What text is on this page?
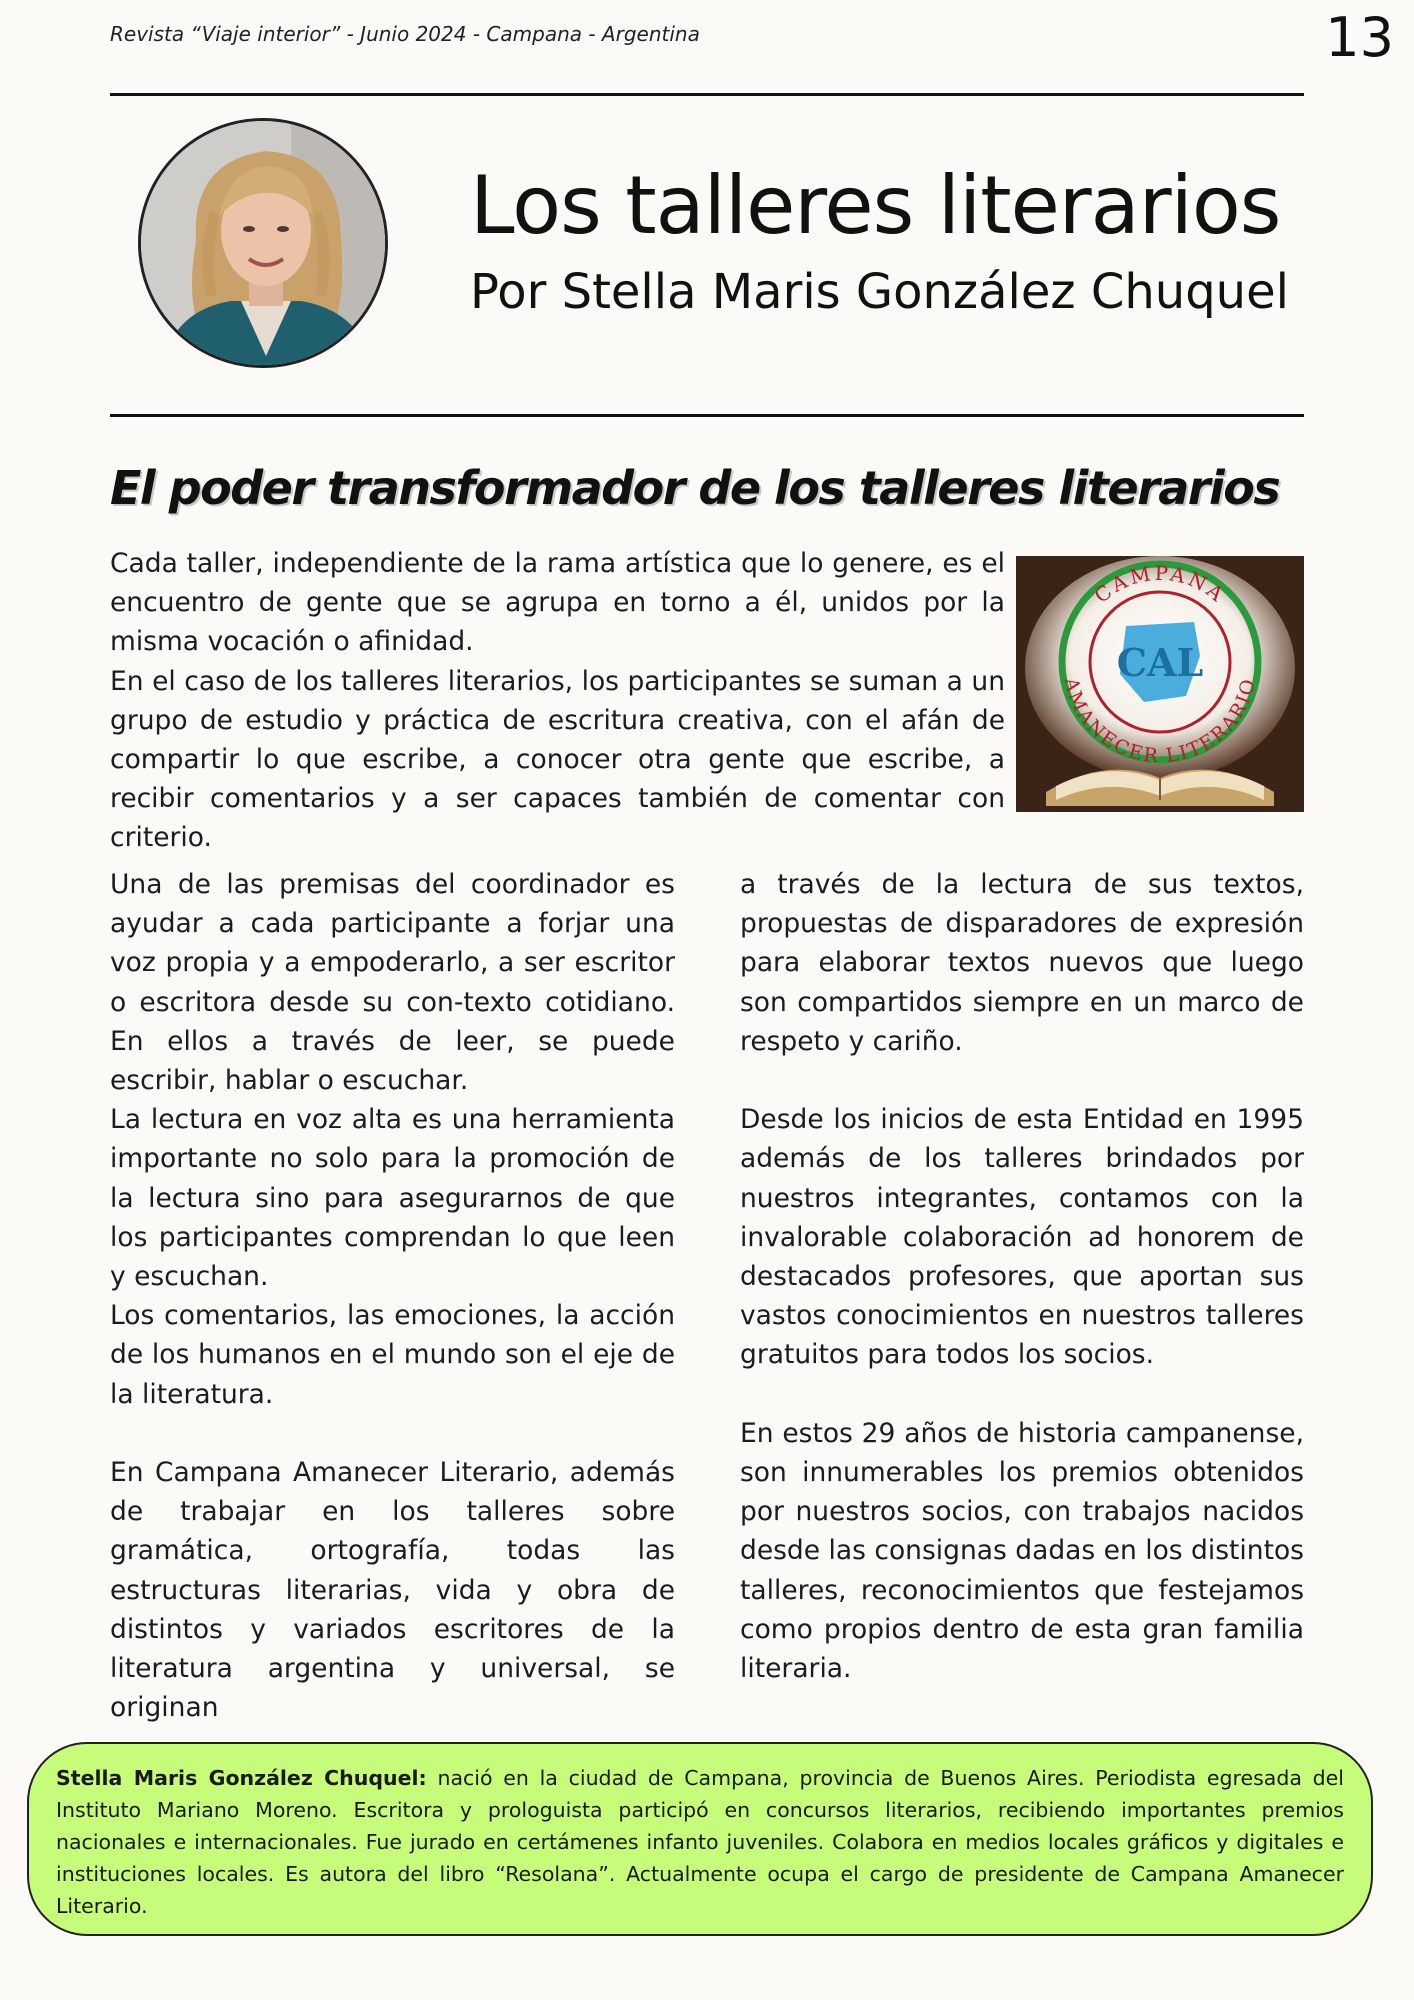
Revista “Viaje interior” - Junio 2024 - Campana - Argentina	13
Los talleres literarios

Por Stella Maris González Chuquel

El poder transformador de los talleres literarios

Cada taller, independiente de la rama artística que lo genere, es el encuentro de gente que se agrupa en torno a él, unidos por la misma vocación o afinidad.

En el caso de los talleres literarios, los participantes se suman a un grupo de estudio y práctica de escritura creativa, con el afán de compartir lo que escribe, a conocer otra gente que escribe, a recibir comentarios y a ser capaces también de comentar con criterio.

CAMPANA
AMANECER LITERARIO
CAL

Una de las premisas del coordinador es ayudar a cada participante a forjar una voz propia y a empoderarlo, a ser escritor o escritora desde su con-texto cotidiano. En ellos a través de leer, se puede escribir, hablar o escuchar.

La lectura en voz alta es una herramienta importante no solo para la promoción de la lectura sino para asegurarnos de que los participantes comprendan lo que leen y escuchan.

Los comentarios, las emociones, la acción de los humanos en el mundo son el eje de la literatura.

En Campana Amanecer Literario, además de trabajar en los talleres sobre gramática, ortografía, todas las estructuras literarias, vida y obra de distintos y variados escritores de la literatura argentina y universal, se originan

a través de la lectura de sus textos, propuestas de disparadores de expresión para elaborar textos nuevos que luego son compartidos siempre en un marco de respeto y cariño.

Desde los inicios de esta Entidad en 1995 además de los talleres brindados por nuestros integrantes, contamos con la invalorable colaboración ad honorem de destacados profesores, que aportan sus vastos conocimientos en nuestros talleres gratuitos para todos los socios.

En estos 29 años de historia campanense, son innumerables los premios obtenidos por nuestros socios, con trabajos nacidos desde las consignas dadas en los distintos talleres, reconocimientos que festejamos como propios dentro de esta gran familia literaria.

Stella Maris González Chuquel: nació en la ciudad de Campana, provincia de Buenos Aires. Periodista egresada del Instituto Mariano Moreno. Escritora y prologuista participó en concursos literarios, recibiendo importantes premios nacionales e internacionales. Fue jurado en certámenes infanto juveniles. Colabora en medios locales gráficos y digitales e instituciones locales. Es autora del libro “Resolana”. Actualmente ocupa el cargo de presidente de Campana Amanecer Literario.
